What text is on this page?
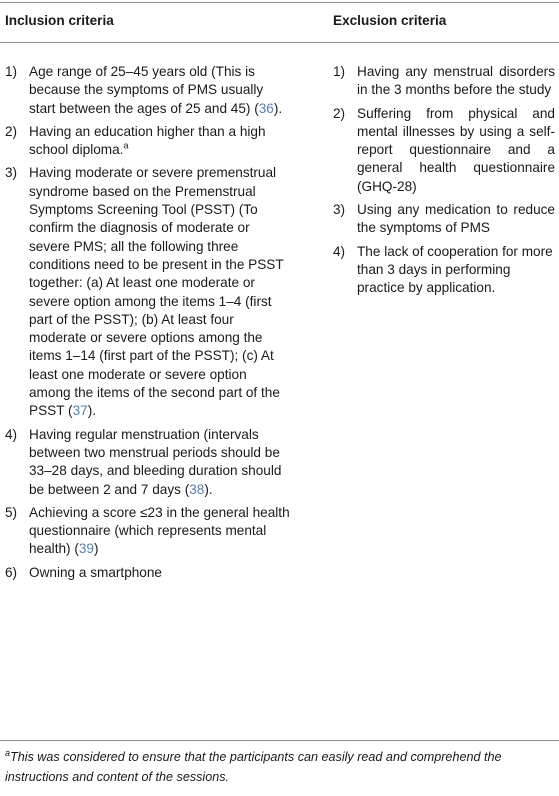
Inclusion criteria	Exclusion criteria
1) Age range of 25–45 years old (This is because the symptoms of PMS usually start between the ages of 25 and 45) (36).
2) Having an education higher than a high school diploma.$^a$
3) Having moderate or severe premenstrual syndrome based on the Premenstrual Symptoms Screening Tool (PSST) (To confirm the diagnosis of moderate or severe PMS; all the following three conditions need to be present in the PSST together: (a) At least one moderate or severe option among the items 1–4 (first part of the PSST); (b) At least four moderate or severe options among the items 1–14 (first part of the PSST); (c) At least one moderate or severe option among the items of the second part of the PSST (37).
4) Having regular menstruation (intervals between two menstrual periods should be 33–28 days, and bleeding duration should be between 2 and 7 days (38).
5) Achieving a score ≤23 in the general health questionnaire (which represents mental health) (39)
6) Owning a smartphone
1) Having any menstrual disorders in the 3 months before the study
2) Suffering from physical and mental illnesses by using a self-report questionnaire and a general health questionnaire (GHQ-28)
3) Using any medication to reduce the symptoms of PMS
4) The lack of cooperation for more than 3 days in performing practice by application.
$^a$This was considered to ensure that the participants can easily read and comprehend the instructions and content of the sessions.
